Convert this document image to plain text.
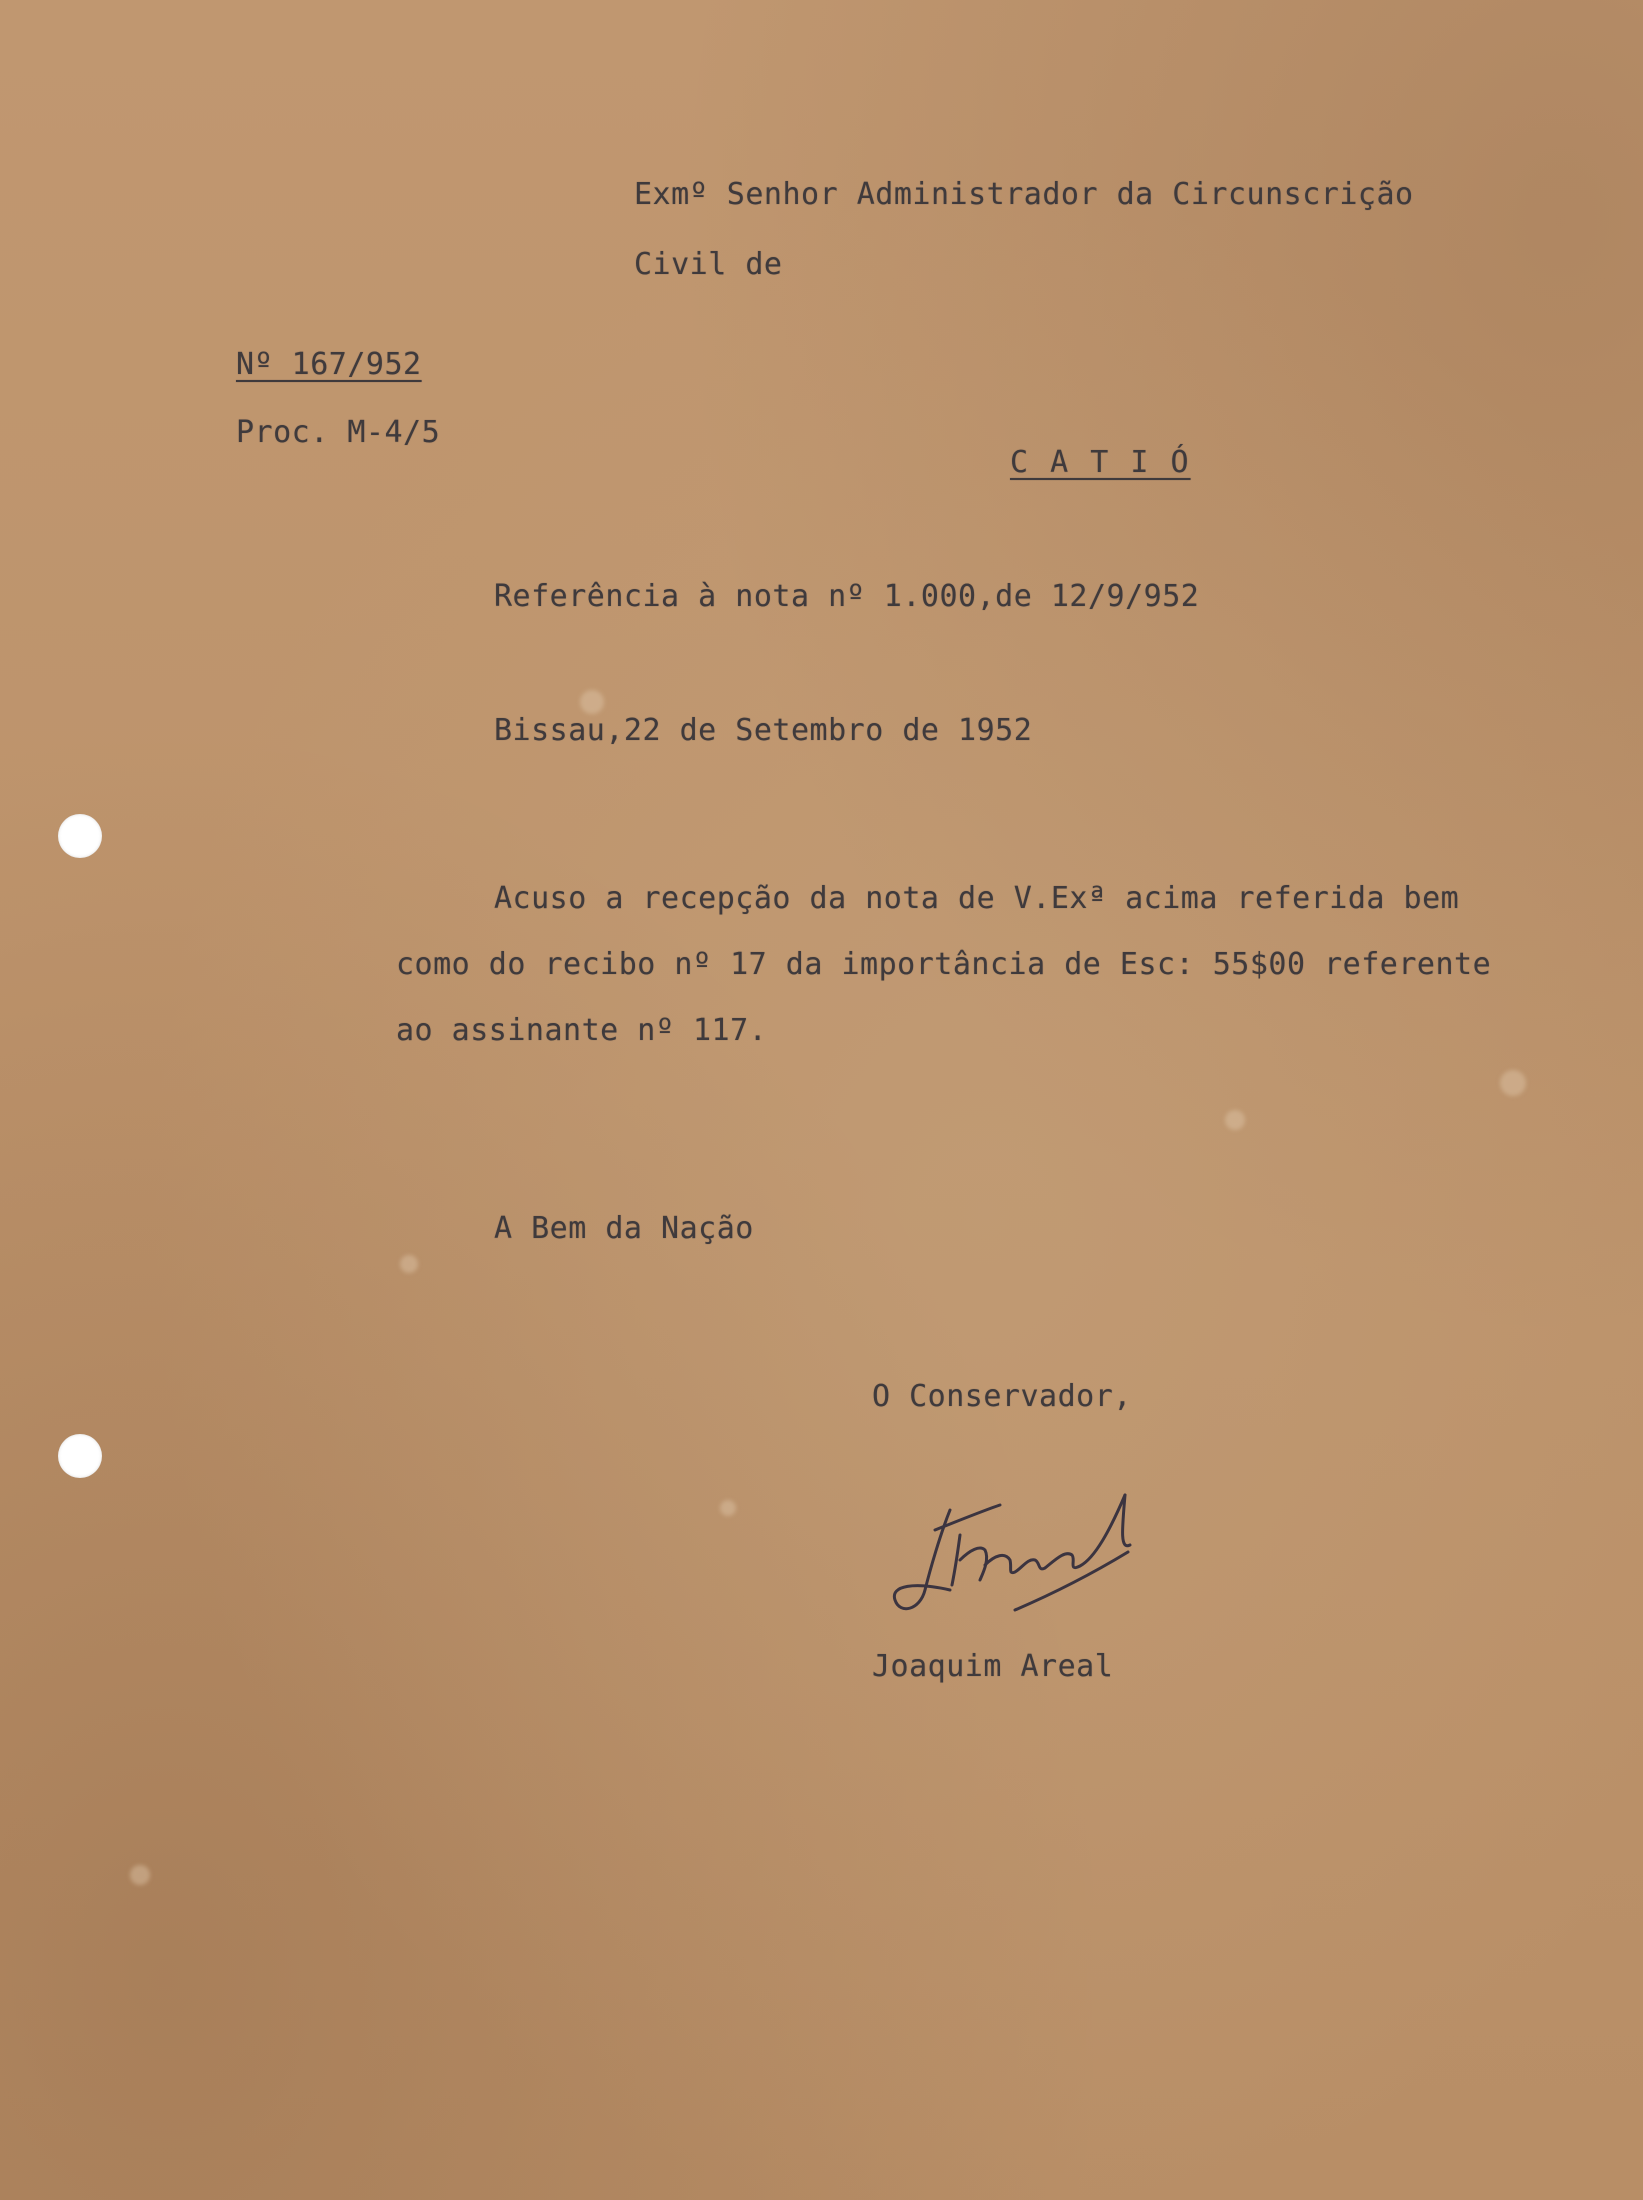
Exmº Senhor Administrador da Circunscrição
Civil de
Nº 167/952
Proc. M-4/5
C A T I Ó
Referência à nota nº 1.000,de 12/9/952
Bissau,22 de Setembro de 1952
Acuso a recepção da nota de V.Exª acima referida bem
como do recibo nº 17 da importância de Esc: 55$00 referente
ao assinante nº 117.
A Bem da Nação
O Conservador,
Joaquim Areal
